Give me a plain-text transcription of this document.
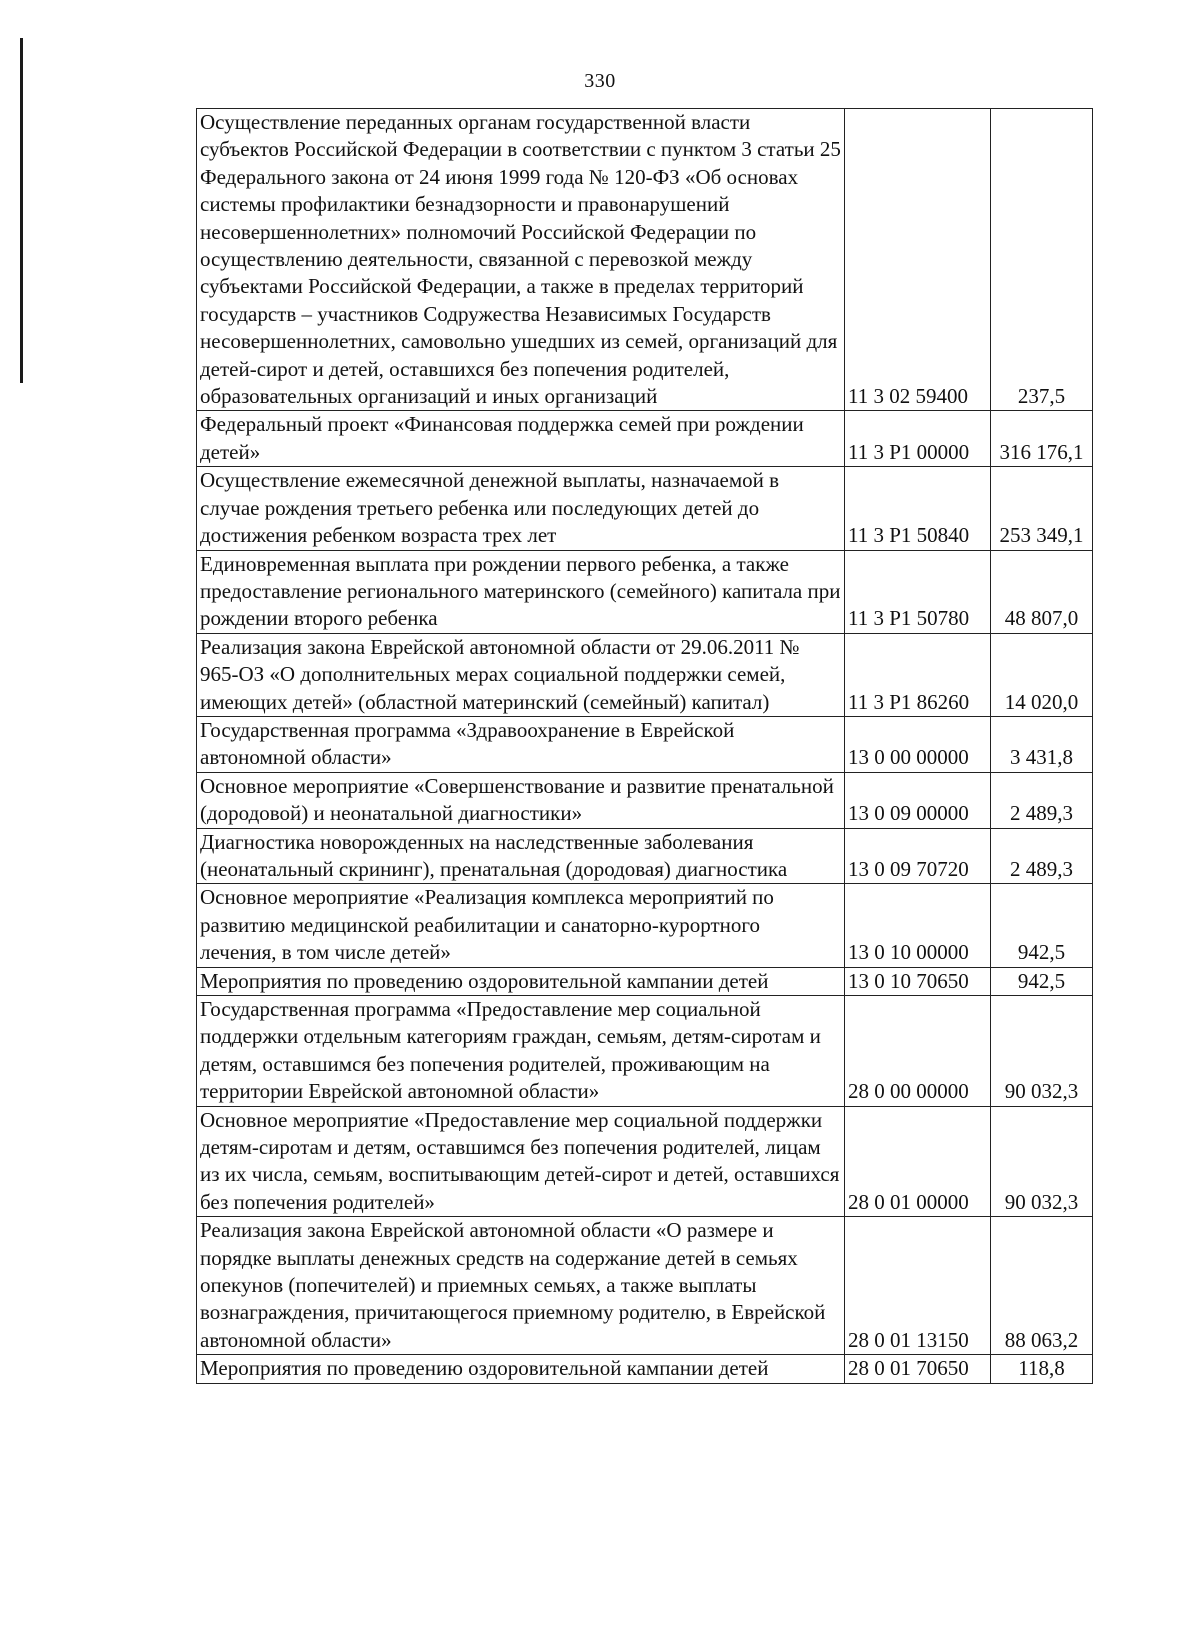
330
Осуществление переданных органам государственной власти субъектов Российской Федерации в соответствии с пунктом 3 статьи 25 Федерального закона от 24 июня 1999 года № 120-ФЗ «Об основах системы профилактики безнадзорности и правонарушений несовершеннолетних» полномочий Российской Федерации по осуществлению деятельности, связанной с перевозкой между субъектами Российской Федерации, а также в пределах территорий государств – участников Содружества Независимых Государств несовершеннолетних, самовольно ушедших из семей, организаций для детей-сирот и детей, оставшихся без попечения родителей, образовательных организаций и иных организаций	11 3 02 59400	237,5
Федеральный проект «Финансовая поддержка семей при рождении детей»	11 3 P1 00000	316 176,1
Осуществление ежемесячной денежной выплаты, назначаемой в случае рождения третьего ребенка или последующих детей до достижения ребенком возраста трех лет	11 3 P1 50840	253 349,1
Единовременная выплата при рождении первого ребенка, а также предоставление регионального материнского (семейного) капитала при рождении второго ребенка	11 3 P1 50780	48 807,0
Реализация закона Еврейской автономной области от 29.06.2011 № 965-ОЗ «О дополнительных мерах социальной поддержки семей, имеющих детей» (областной материнский (семейный) капитал)	11 3 P1 86260	14 020,0
Государственная программа «Здравоохранение в Еврейской автономной области»	13 0 00 00000	3 431,8
Основное мероприятие «Совершенствование и развитие пренатальной (дородовой) и неонатальной диагностики»	13 0 09 00000	2 489,3
Диагностика новорожденных на наследственные заболевания (неонатальный скрининг), пренатальная (дородовая) диагностика	13 0 09 70720	2 489,3
Основное мероприятие «Реализация комплекса мероприятий по развитию медицинской реабилитации и санаторно-курортного лечения, в том числе детей»	13 0 10 00000	942,5
Мероприятия по проведению оздоровительной кампании детей	13 0 10 70650	942,5
Государственная программа «Предоставление мер социальной поддержки отдельным категориям граждан, семьям, детям-сиротам и детям, оставшимся без попечения родителей, проживающим на территории Еврейской автономной области»	28 0 00 00000	90 032,3
Основное мероприятие «Предоставление мер социальной поддержки детям-сиротам и детям, оставшимся без попечения родителей, лицам из их числа, семьям, воспитывающим детей-сирот и детей, оставшихся без попечения родителей»	28 0 01 00000	90 032,3
Реализация закона Еврейской автономной области «О размере и порядке выплаты денежных средств на содержание детей в семьях опекунов (попечителей) и приемных семьях, а также выплаты вознаграждения, причитающегося приемному родителю, в Еврейской автономной области»	28 0 01 13150	88 063,2
Мероприятия по проведению оздоровительной кампании детей	28 0 01 70650	118,8
